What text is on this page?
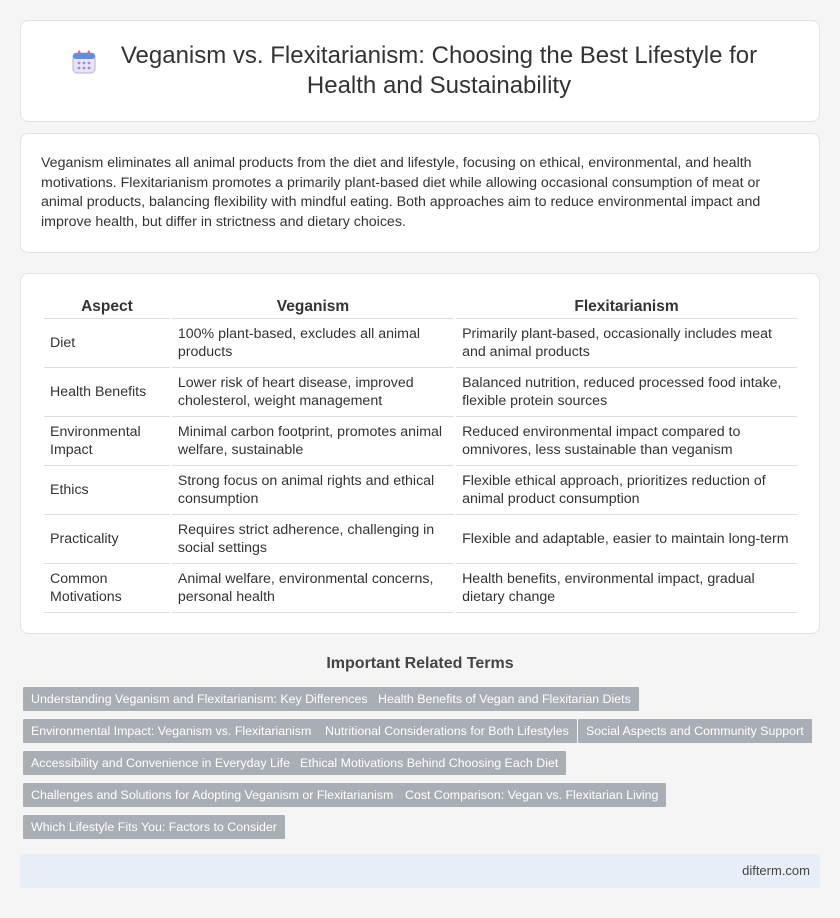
Veganism vs. Flexitarianism: Choosing the Best Lifestyle for Health and Sustainability

Veganism eliminates all animal products from the diet and lifestyle, focusing on ethical, environmental, and health motivations. Flexitarianism promotes a primarily plant-based diet while allowing occasional consumption of meat or animal products, balancing flexibility with mindful eating. Both approaches aim to reduce environmental impact and improve health, but differ in strictness and dietary choices.

Aspect	Veganism	Flexitarianism
Diet	100% plant-based, excludes all animal products	Primarily plant-based, occasionally includes meat and animal products
Health Benefits	Lower risk of heart disease, improved cholesterol, weight management	Balanced nutrition, reduced processed food intake, flexible protein sources
Environmental Impact	Minimal carbon footprint, promotes animal welfare, sustainable	Reduced environmental impact compared to omnivores, less sustainable than veganism
Ethics	Strong focus on animal rights and ethical consumption	Flexible ethical approach, prioritizes reduction of animal product consumption
Practicality	Requires strict adherence, challenging in social settings	Flexible and adaptable, easier to maintain long-term
Common Motivations	Animal welfare, environmental concerns, personal health	Health benefits, environmental impact, gradual dietary change
Important Related Terms
Understanding Veganism and Flexitarianism: Key Differences Health Benefits of Vegan and Flexitarian Diets
Environmental Impact: Veganism vs. Flexitarianism	Nutritional Considerations for Both Lifestyles	Social Aspects and Community Support
Accessibility and Convenience in Everyday Life Ethical Motivations Behind Choosing Each Diet
Challenges and Solutions for Adopting Veganism or Flexitarianism Cost Comparison: Vegan vs. Flexitarian Living
Which Lifestyle Fits You: Factors to Consider
difterm.com
